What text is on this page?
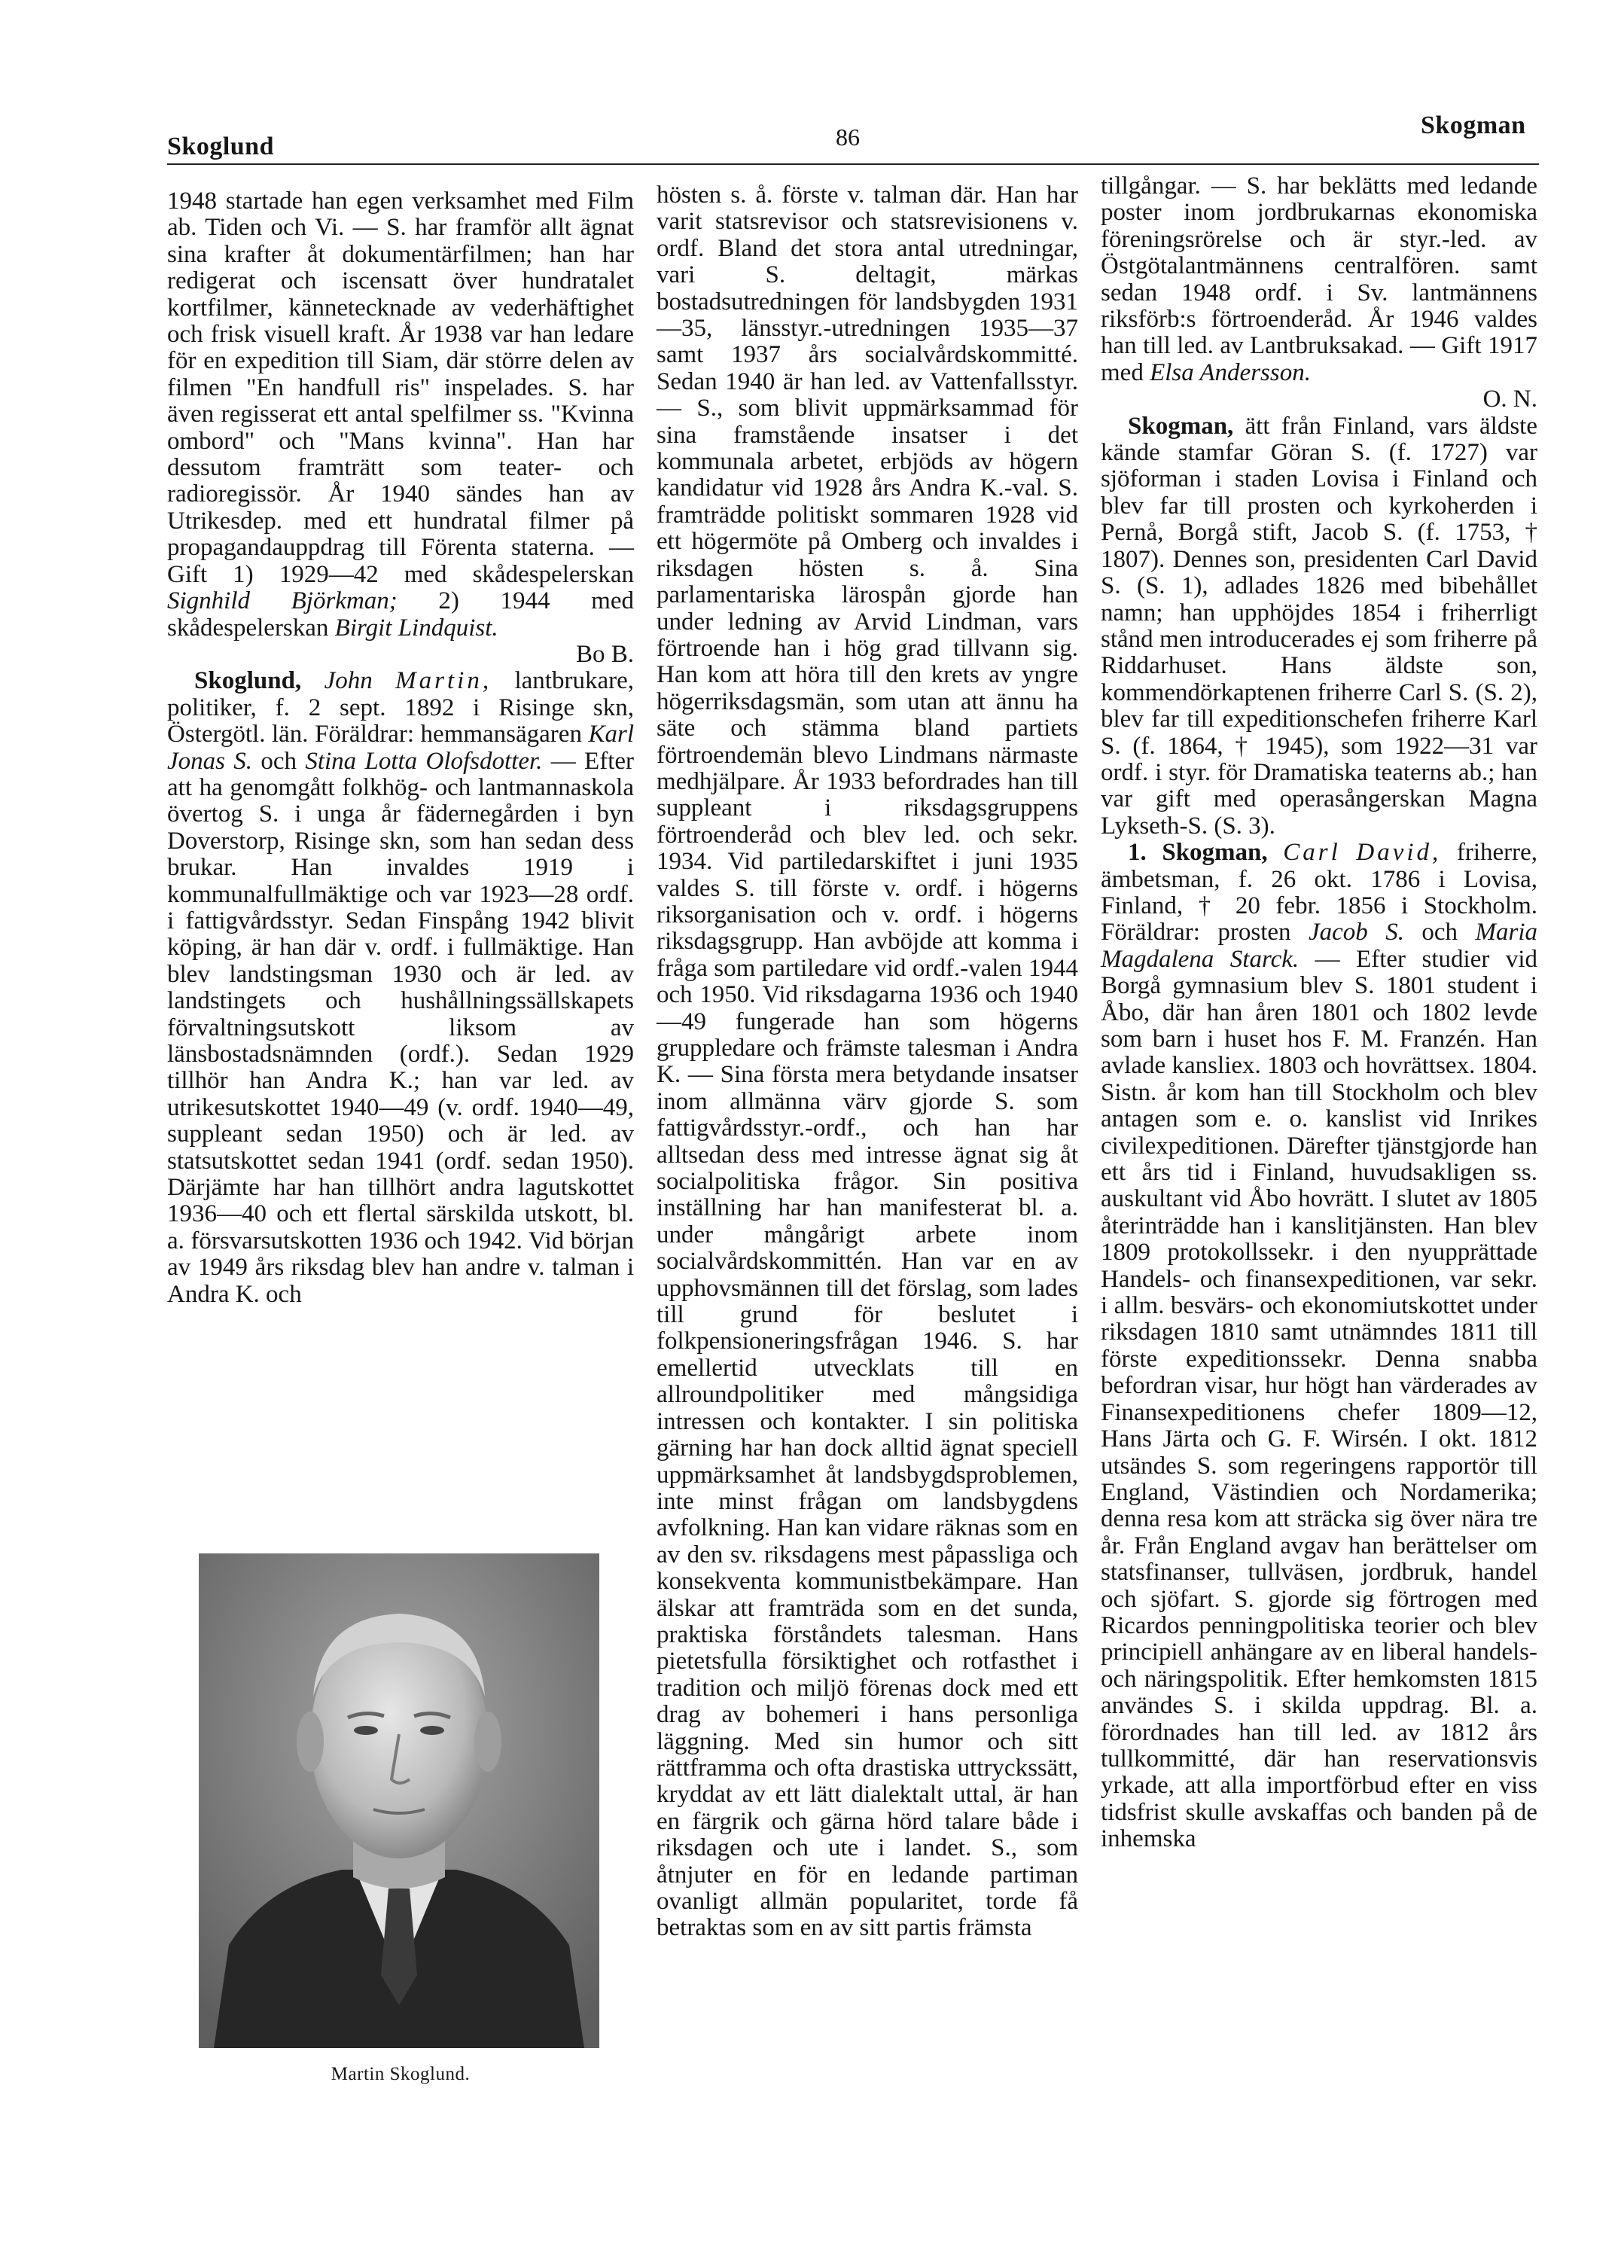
Skoglund	86	Skogman

1948 startade han egen verksamhet med Film ab. Tiden och Vi. — S. har framför allt ägnat sina krafter åt dokumentärfilmen; han har redigerat och iscensatt över hundratalet kortfilmer, kännetecknade av vederhäftighet och frisk visuell kraft. År 1938 var han ledare för en expedition till Siam, där större delen av filmen "En handfull ris" inspelades. S. har även regisserat ett antal spelfilmer ss. "Kvinna ombord" och "Mans kvinna". Han har dessutom framträtt som teater- och radioregissör. År 1940 sändes han av Utrikesdep. med ett hundratal filmer på propagandauppdrag till Förenta staterna. — Gift 1) 1929—42 med skådespelerskan Signhild Björkman; 2) 1944 med skådespelerskan Birgit Lindquist.
Bo B.

Skoglund, John Martin, lantbrukare, politiker, f. 2 sept. 1892 i Risinge skn, Östergötl. län. Föräldrar: hemmansägaren Karl Jonas S. och Stina Lotta Olofsdotter. — Efter att ha genomgått folkhög- och lantmannaskola övertog S. i unga år fädernegården i byn Doverstorp, Risinge skn, som han sedan dess brukar. Han invaldes 1919 i kommunalfullmäktige och var 1923—28 ordf. i fattigvårdsstyr. Sedan Finspång 1942 blivit köping, är han där v. ordf. i fullmäktige. Han blev landstingsman 1930 och är led. av landstingets och hushållningssällskapets förvaltningsutskott liksom av länsbostadsnämnden (ordf.). Sedan 1929 tillhör han Andra K.; han var led. av utrikesutskottet 1940—49 (v. ordf. 1940—49, suppleant sedan 1950) och är led. av statsutskottet sedan 1941 (ordf. sedan 1950). Därjämte har han tillhört andra lagutskottet 1936—40 och ett flertal särskilda utskott, bl. a. försvarsutskotten 1936 och 1942. Vid början av 1949 års riksdag blev han andre v. talman i Andra K. och

Martin Skoglund.

hösten s. å. förste v. talman där. Han har varit statsrevisor och statsrevisionens v. ordf. Bland det stora antal utredningar, vari S. deltagit, märkas bostadsutredningen för landsbygden 1931—35, länsstyr.-utredningen 1935—37 samt 1937 års socialvårdskommitté. Sedan 1940 är han led. av Vattenfallsstyr. — S., som blivit uppmärksammad för sina framstående insatser i det kommunala arbetet, erbjöds av högern kandidatur vid 1928 års Andra K.-val. S. framträdde politiskt sommaren 1928 vid ett högermöte på Omberg och invaldes i riksdagen hösten s. å. Sina parlamentariska lärospån gjorde han under ledning av Arvid Lindman, vars förtroende han i hög grad tillvann sig. Han kom att höra till den krets av yngre högerriksdagsmän, som utan att ännu ha säte och stämma bland partiets förtroendemän blevo Lindmans närmaste medhjälpare. År 1933 befordrades han till suppleant i riksdagsgruppens förtroenderåd och blev led. och sekr. 1934. Vid partiledarskiftet i juni 1935 valdes S. till förste v. ordf. i högerns riksorganisation och v. ordf. i högerns riksdagsgrupp. Han avböjde att komma i fråga som partiledare vid ordf.-valen 1944 och 1950. Vid riksdagarna 1936 och 1940—49 fungerade han som högerns gruppledare och främste talesman i Andra K. — Sina första mera betydande insatser inom allmänna värv gjorde S. som fattigvårdsstyr.-ordf., och han har alltsedan dess med intresse ägnat sig åt socialpolitiska frågor. Sin positiva inställning har han manifesterat bl. a. under mångårigt arbete inom socialvårdskommittén. Han var en av upphovsmännen till det förslag, som lades till grund för beslutet i folkpensioneringsfrågan 1946. S. har emellertid utvecklats till en allroundpolitiker med mångsidiga intressen och kontakter. I sin politiska gärning har han dock alltid ägnat speciell uppmärksamhet åt landsbygdsproblemen, inte minst frågan om landsbygdens avfolkning. Han kan vidare räknas som en av den sv. riksdagens mest påpassliga och konsekventa kommunistbekämpare. Han älskar att framträda som en det sunda, praktiska förståndets talesman. Hans pietetsfulla försiktighet och rotfasthet i tradition och miljö förenas dock med ett drag av bohemeri i hans personliga läggning. Med sin humor och sitt rättframma och ofta drastiska uttryckssätt, kryddat av ett lätt dialektalt uttal, är han en färgrik och gärna hörd talare både i riksdagen och ute i landet. S., som åtnjuter en för en ledande partiman ovanligt allmän popularitet, torde få betraktas som en av sitt partis främsta

tillgångar. — S. har beklätts med ledande poster inom jordbrukarnas ekonomiska föreningsrörelse och är styr.-led. av Östgötalantmännens centralfören. samt sedan 1948 ordf. i Sv. lantmännens riksförb:s förtroenderåd. År 1946 valdes han till led. av Lantbruksakad. — Gift 1917 med Elsa Andersson.
O. N.

Skogman, ätt från Finland, vars äldste kände stamfar Göran S. (f. 1727) var sjöforman i staden Lovisa i Finland och blev far till prosten och kyrkoherden i Pernå, Borgå stift, Jacob S. (f. 1753, † 1807). Dennes son, presidenten Carl David S. (S. 1), adlades 1826 med bibehållet namn; han upphöjdes 1854 i friherrligt stånd men introducerades ej som friherre på Riddarhuset. Hans äldste son, kommendörkaptenen friherre Carl S. (S. 2), blev far till expeditionschefen friherre Karl S. (f. 1864, † 1945), som 1922—31 var ordf. i styr. för Dramatiska teaterns ab.; han var gift med operasångerskan Magna Lykseth-S. (S. 3).

1. Skogman, Carl David, friherre, ämbetsman, f. 26 okt. 1786 i Lovisa, Finland, † 20 febr. 1856 i Stockholm. Föräldrar: prosten Jacob S. och Maria Magdalena Starck. — Efter studier vid Borgå gymnasium blev S. 1801 student i Åbo, där han åren 1801 och 1802 levde som barn i huset hos F. M. Franzén. Han avlade kansliex. 1803 och hovrättsex. 1804. Sistn. år kom han till Stockholm och blev antagen som e. o. kanslist vid Inrikes civilexpeditionen. Därefter tjänstgjorde han ett års tid i Finland, huvudsakligen ss. auskultant vid Åbo hovrätt. I slutet av 1805 återinträdde han i kanslitjänsten. Han blev 1809 protokollssekr. i den nyupprättade Handels- och finansexpeditionen, var sekr. i allm. besvärs- och ekonomiutskottet under riksdagen 1810 samt utnämndes 1811 till förste expeditionssekr. Denna snabba befordran visar, hur högt han värderades av Finansexpeditionens chefer 1809—12, Hans Järta och G. F. Wirsén. I okt. 1812 utsändes S. som regeringens rapportör till England, Västindien och Nordamerika; denna resa kom att sträcka sig över nära tre år. Från England avgav han berättelser om statsfinanser, tullväsen, jordbruk, handel och sjöfart. S. gjorde sig förtrogen med Ricardos penningpolitiska teorier och blev principiell anhängare av en liberal handels- och näringspolitik. Efter hemkomsten 1815 användes S. i skilda uppdrag. Bl. a. förordnades han till led. av 1812 års tullkommitté, där han reservationsvis yrkade, att alla importförbud efter en viss tidsfrist skulle avskaffas och banden på de inhemska
